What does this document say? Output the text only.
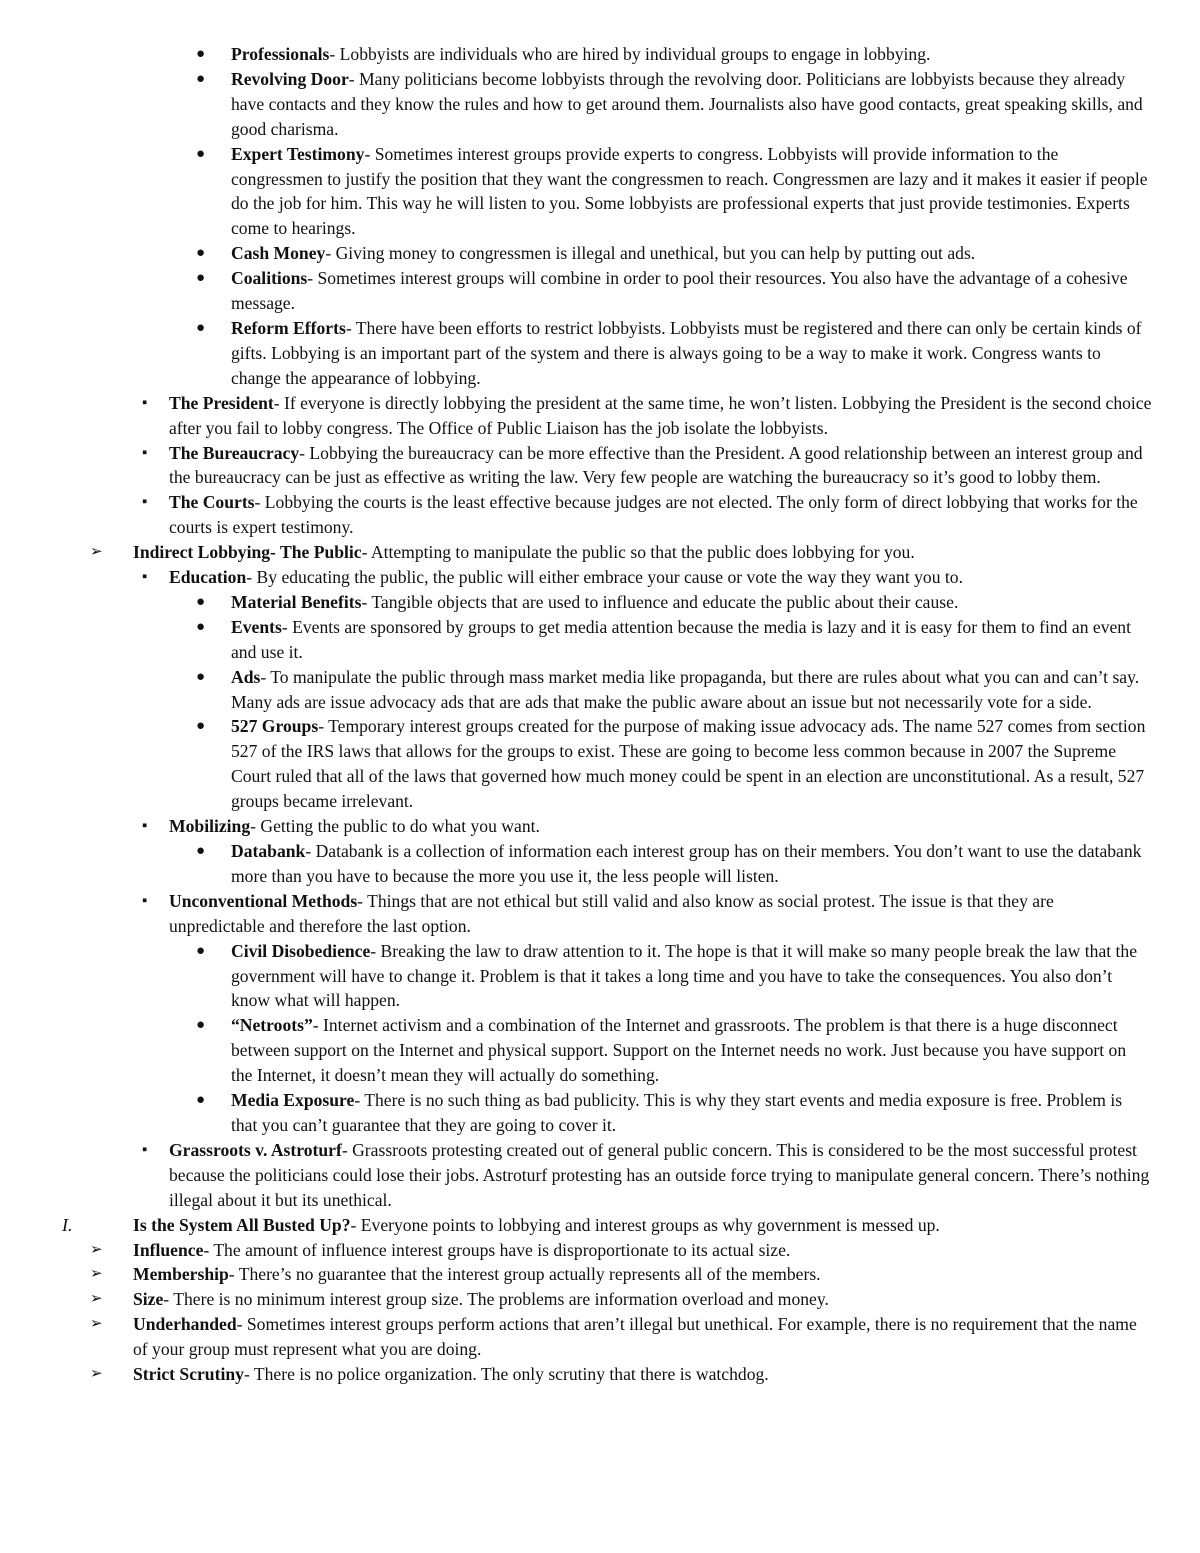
● Professionals- Lobbyists are individuals who are hired by individual groups to engage in lobbying.
● Revolving Door- Many politicians become lobbyists through the revolving door. Politicians are lobbyists because they already have contacts and they know the rules and how to get around them. Journalists also have good contacts, great speaking skills, and good charisma.
● Expert Testimony- Sometimes interest groups provide experts to congress. Lobbyists will provide information to the congressmen to justify the position that they want the congressmen to reach. Congressmen are lazy and it makes it easier if people do the job for him. This way he will listen to you. Some lobbyists are professional experts that just provide testimonies. Experts come to hearings.
● Cash Money- Giving money to congressmen is illegal and unethical, but you can help by putting out ads.
● Coalitions- Sometimes interest groups will combine in order to pool their resources. You also have the advantage of a cohesive message.
● Reform Efforts- There have been efforts to restrict lobbyists. Lobbyists must be registered and there can only be certain kinds of gifts. Lobbying is an important part of the system and there is always going to be a way to make it work. Congress wants to change the appearance of lobbying.
▪ The President- If everyone is directly lobbying the president at the same time, he won’t listen. Lobbying the President is the second choice after you fail to lobby congress. The Office of Public Liaison has the job isolate the lobbyists.
▪ The Bureaucracy- Lobbying the bureaucracy can be more effective than the President. A good relationship between an interest group and the bureaucracy can be just as effective as writing the law. Very few people are watching the bureaucracy so it’s good to lobby them.
▪ The Courts- Lobbying the courts is the least effective because judges are not elected. The only form of direct lobbying that works for the courts is expert testimony.
➢ Indirect Lobbying- The Public- Attempting to manipulate the public so that the public does lobbying for you.
▪ Education- By educating the public, the public will either embrace your cause or vote the way they want you to.
● Material Benefits- Tangible objects that are used to influence and educate the public about their cause.
● Events- Events are sponsored by groups to get media attention because the media is lazy and it is easy for them to find an event and use it.
● Ads- To manipulate the public through mass market media like propaganda, but there are rules about what you can and can’t say. Many ads are issue advocacy ads that are ads that make the public aware about an issue but not necessarily vote for a side.
● 527 Groups- Temporary interest groups created for the purpose of making issue advocacy ads. The name 527 comes from section 527 of the IRS laws that allows for the groups to exist. These are going to become less common because in 2007 the Supreme Court ruled that all of the laws that governed how much money could be spent in an election are unconstitutional. As a result, 527 groups became irrelevant.
▪ Mobilizing- Getting the public to do what you want.
● Databank- Databank is a collection of information each interest group has on their members. You don’t want to use the databank more than you have to because the more you use it, the less people will listen.
▪ Unconventional Methods- Things that are not ethical but still valid and also know as social protest. The issue is that they are unpredictable and therefore the last option.
● Civil Disobedience- Breaking the law to draw attention to it. The hope is that it will make so many people break the law that the government will have to change it. Problem is that it takes a long time and you have to take the consequences. You also don’t know what will happen.
● “Netroots”- Internet activism and a combination of the Internet and grassroots. The problem is that there is a huge disconnect between support on the Internet and physical support. Support on the Internet needs no work. Just because you have support on the Internet, it doesn’t mean they will actually do something.
● Media Exposure- There is no such thing as bad publicity. This is why they start events and media exposure is free. Problem is that you can’t guarantee that they are going to cover it.
▪ Grassroots v. Astroturf- Grassroots protesting created out of general public concern. This is considered to be the most successful protest because the politicians could lose their jobs. Astroturf protesting has an outside force trying to manipulate general concern. There’s nothing illegal about it but its unethical.
I.	Is the System All Busted Up?- Everyone points to lobbying and interest groups as why government is messed up.
➢ Influence- The amount of influence interest groups have is disproportionate to its actual size.
➢ Membership- There’s no guarantee that the interest group actually represents all of the members.
➢ Size- There is no minimum interest group size. The problems are information overload and money.
➢ Underhanded- Sometimes interest groups perform actions that aren’t illegal but unethical. For example, there is no requirement that the name of your group must represent what you are doing.
➢ Strict Scrutiny- There is no police organization. The only scrutiny that there is watchdog.
